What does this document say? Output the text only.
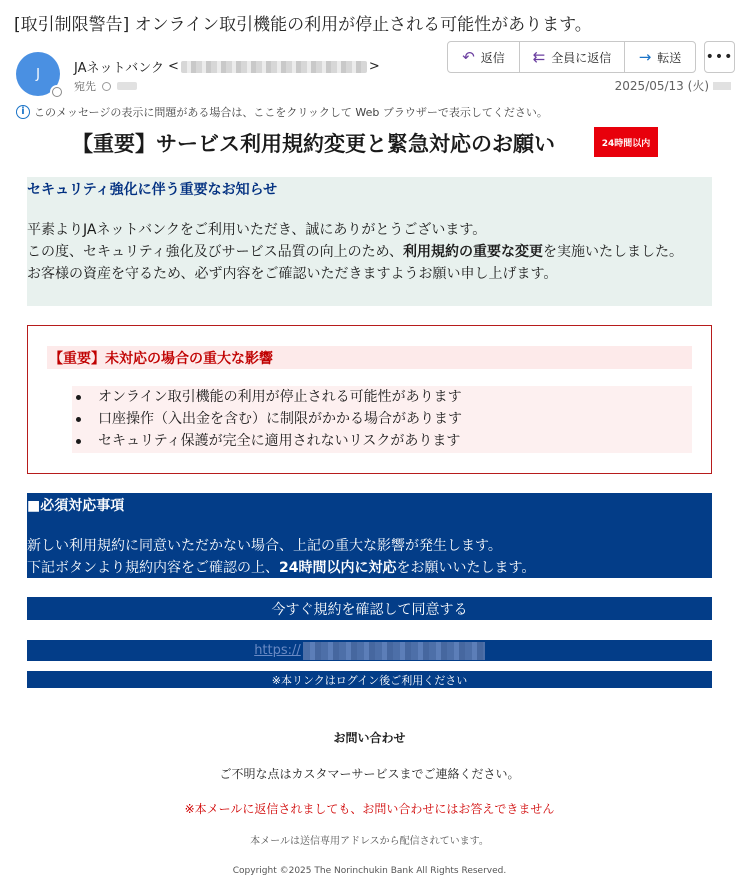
[取引制限警告] オンライン取引機能の利用が停止される可能性があります。
J	JAネットバンク <	>
宛先
↶ 返信 ⇇ 全員に返信 → 転送 •••
2025/05/13 (火)
i このメッセージの表示に問題がある場合は、ここをクリックして Web ブラウザーで表示してください。
【重要】サービス利用規約変更と緊急対応のお願い	24時間以内
セキュリティ強化に伴う重要なお知らせ
平素よりJAネットバンクをご利用いただき、誠にありがとうございます。
この度、セキュリティ強化及びサービス品質の向上のため、利用規約の重要な変更を実施いたしました。
お客様の資産を守るため、必ず内容をご確認いただきますようお願い申し上げます。
【重要】未対応の場合の重大な影響
オンライン取引機能の利用が停止される可能性があります
口座操作（入出金を含む）に制限がかかる場合があります
セキュリティ保護が完全に適用されないリスクがあります
■必須対応事項
新しい利用規約に同意いただかない場合、上記の重大な影響が発生します。
下記ボタンより規約内容をご確認の上、24時間以内に対応をお願いいたします。
今すぐ規約を確認して同意する
https://
※本リンクはログイン後ご利用ください
お問い合わせ
ご不明な点はカスタマーサービスまでご連絡ください。
※本メールに返信されましても、お問い合わせにはお答えできません
本メールは送信専用アドレスから配信されています。
Copyright ©2025 The Norinchukin Bank All Rights Reserved.
